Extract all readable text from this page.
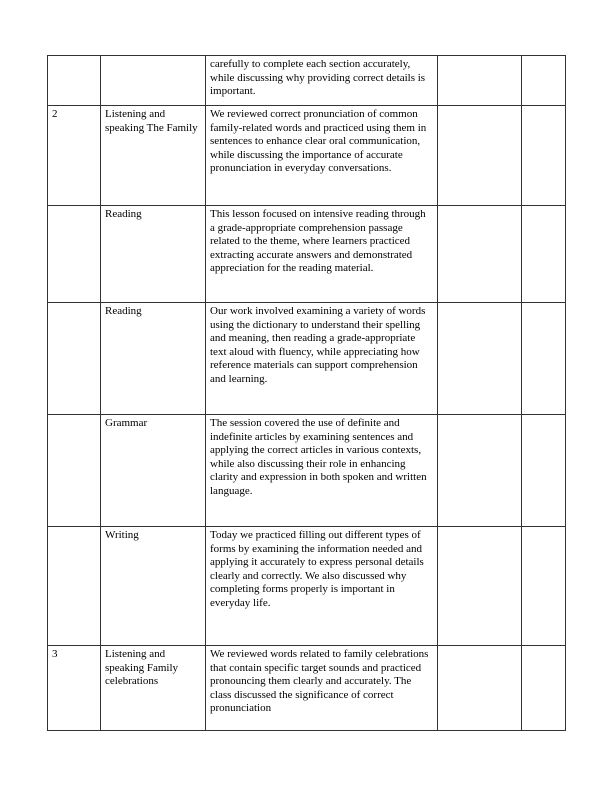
		carefully to complete each section accurately, while discussing why providing correct details is important.		
2	Listening and speaking The Family	We reviewed correct pronunciation of common family-related words and practiced using them in sentences to enhance clear oral communication, while discussing the importance of accurate pronunciation in everyday conversations.		
	Reading	This lesson focused on intensive reading through a grade-appropriate comprehension passage related to the theme, where learners practiced extracting accurate answers and demonstrated appreciation for the reading material.		
	Reading	Our work involved examining a variety of words using the dictionary to understand their spelling and meaning, then reading a grade-appropriate text aloud with fluency, while appreciating how reference materials can support comprehension and learning.		
	Grammar	The session covered the use of definite and indefinite articles by examining sentences and applying the correct articles in various contexts, while also discussing their role in enhancing clarity and expression in both spoken and written language.		
	Writing	Today we practiced filling out different types of forms by examining the information needed and applying it accurately to express personal details clearly and correctly. We also discussed why completing forms properly is important in everyday life.		
3	Listening and speaking Family celebrations	We reviewed words related to family celebrations that contain specific target sounds and practiced pronouncing them clearly and accurately. The class discussed the significance of correct pronunciation		
